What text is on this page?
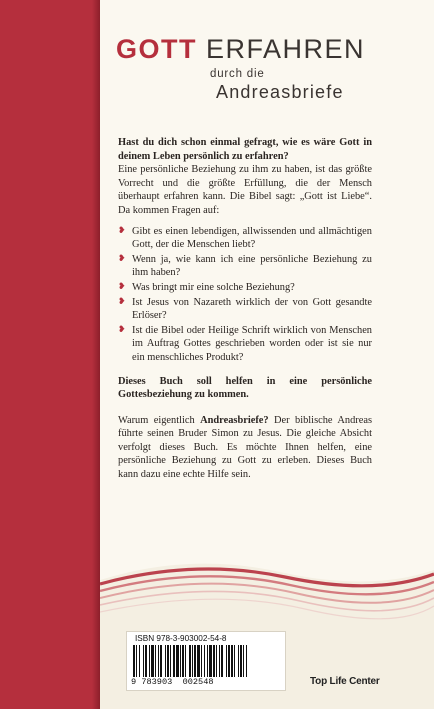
GOTT ERFAHREN
durch die
Andreasbriefe

Hast du dich schon einmal gefragt, wie es wäre Gott in deinem Leben persönlich zu erfahren?

Eine persönliche Beziehung zu ihm zu haben, ist das größte Vorrecht und die größte Erfüllung, die der Mensch überhaupt erfahren kann. Die Bibel sagt: „Gott ist Liebe“. Da kommen Fragen auf:

❥ Gibt es einen lebendigen, allwissenden und allmächtigen Gott, der die Menschen liebt?
❥ Wenn ja, wie kann ich eine persönliche Beziehung zu ihm haben?
❥ Was bringt mir eine solche Beziehung?
❥ Ist Jesus von Nazareth wirklich der von Gott gesandte Erlöser?
❥ Ist die Bibel oder Heilige Schrift wirklich von Menschen im Auftrag Gottes geschrieben worden oder ist sie nur ein menschliches Produkt?

Dieses Buch soll helfen in eine persönliche Gottesbeziehung zu kommen.

Warum eigentlich Andreasbriefe? Der biblische Andreas führte seinen Bruder Simon zu Jesus. Die gleiche Absicht verfolgt dieses Buch. Es möchte Ihnen helfen, eine persönliche Beziehung zu Gott zu erleben. Dieses Buch kann dazu eine echte Hilfe sein.

ISBN 978-3-903002-54-8
9 783903  002548	Top Life Center
